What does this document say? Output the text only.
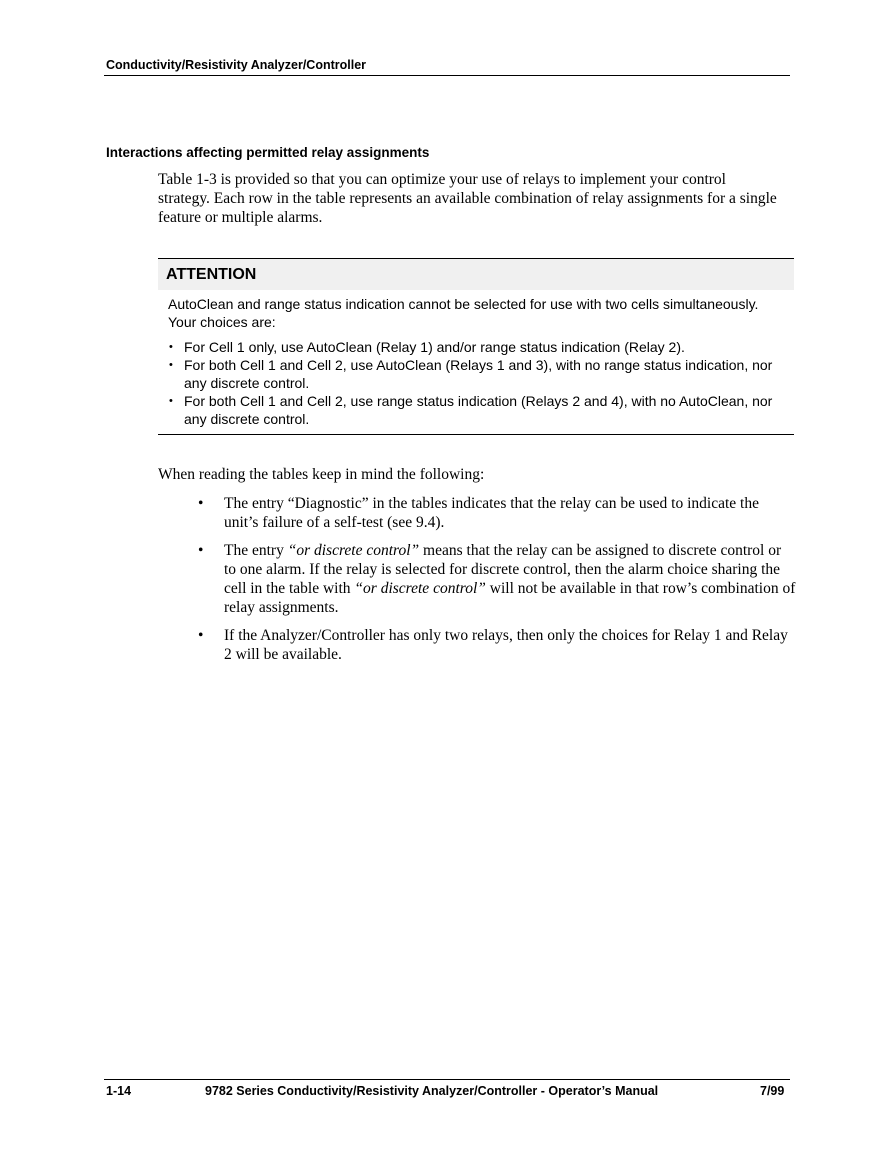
Conductivity/Resistivity Analyzer/Controller
Interactions affecting permitted relay assignments
Table 1-3 is provided so that you can optimize your use of relays to implement your control strategy. Each row in the table represents an available combination of relay assignments for a single feature or multiple alarms.
ATTENTION

AutoClean and range status indication cannot be selected for use with two cells simultaneously. Your choices are:

• For Cell 1 only, use AutoClean (Relay 1) and/or range status indication (Relay 2).
• For both Cell 1 and Cell 2, use AutoClean (Relays 1 and 3), with no range status indication, nor any discrete control.
• For both Cell 1 and Cell 2, use range status indication (Relays 2 and 4), with no AutoClean, nor any discrete control.
When reading the tables keep in mind the following:
• The entry “Diagnostic” in the tables indicates that the relay can be used to indicate the unit’s failure of a self-test (see 9.4).
• The entry “or discrete control” means that the relay can be assigned to discrete control or to one alarm. If the relay is selected for discrete control, then the alarm choice sharing the cell in the table with “or discrete control” will not be available in that row’s combination of relay assignments.
• If the Analyzer/Controller has only two relays, then only the choices for Relay 1 and Relay 2 will be available.
1-14	9782 Series Conductivity/Resistivity Analyzer/Controller - Operator’s Manual	7/99
